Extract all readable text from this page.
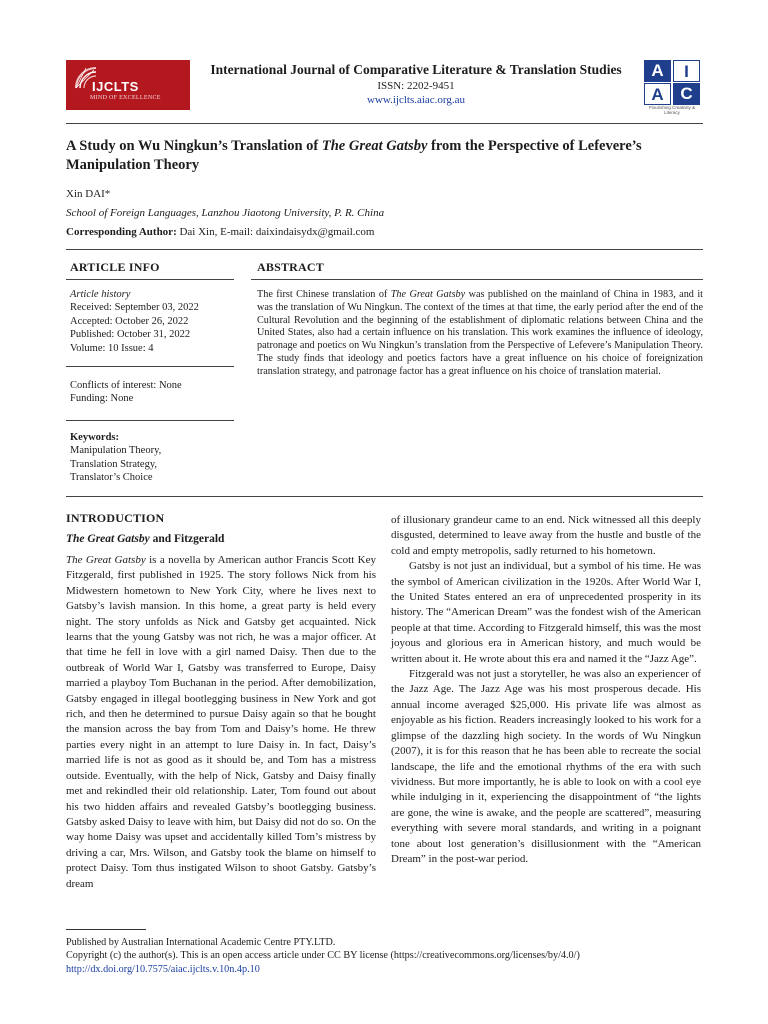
IJCLTS
MIND OF EXCELLENCE
International Journal of Comparative Literature & Translation Studies
ISSN: 2202-9451
www.ijclts.aiac.org.au
A	I
A C
Flourishing Creativity & Literacy
A Study on Wu Ningkun’s Translation of The Great Gatsby from the Perspective of Lefevere’s Manipulation Theory
Xin DAI*
School of Foreign Languages, Lanzhou Jiaotong University, P. R. China
Corresponding Author: Dai Xin, E-mail: daixindaisydx@gmail.com
ARTICLE INFO
Article history
Received: September 03, 2022
Accepted: October 26, 2022
Published: October 31, 2022
Volume: 10 Issue: 4
Conflicts of interest: None
Funding: None
Keywords:
Manipulation Theory,
Translation Strategy,
Translator’s Choice
ABSTRACT
The first Chinese translation of The Great Gatsby was published on the mainland of China in 1983, and it was the translation of Wu Ningkun. The context of the times at that time, the early period after the end of the Cultural Revolution and the beginning of the establishment of diplomatic relations between China and the United States, also had a certain influence on his translation. This work examines the influence of ideology, patronage and poetics on Wu Ningkun’s translation from the Perspective of Lefevere’s Manipulation Theory. The study finds that ideology and poetics factors have a great influence on his choice of foreignization translation strategy, and patronage factor has a great influence on his choice of translation material.
INTRODUCTION
The Great Gatsby and Fitzgerald

The Great Gatsby is a novella by American author Francis Scott Key Fitzgerald, first published in 1925. The story follows Nick from his Midwestern hometown to New York City, where he lives next to Gatsby’s lavish mansion. In this home, a great party is held every night. The story unfolds as Nick and Gatsby get acquainted. Nick learns that the young Gatsby was not rich, he was a major officer. At that time he fell in love with a girl named Daisy. Then due to the outbreak of World War I, Gatsby was transferred to Europe, Daisy married a playboy Tom Buchanan in the period. After demobilization, Gatsby engaged in illegal bootlegging business in New York and got rich, and then he determined to pursue Daisy again so that he bought the mansion across the bay from Tom and Daisy’s home. He threw parties every night in an attempt to lure Daisy in. In fact, Daisy’s married life is not as good as it should be, and Tom has a mistress outside. Eventually, with the help of Nick, Gatsby and Daisy finally met and rekindled their old relationship. Later, Tom found out about his two hidden affairs and revealed Gatsby’s bootlegging business. Gatsby asked Daisy to leave with him, but Daisy did not do so. On the way home Daisy was upset and accidentally killed Tom’s mistress by driving a car, Mrs. Wilson, and Gatsby took the blame on himself to protect Daisy. Tom thus instigated Wilson to shoot Gatsby. Gatsby’s dream

of illusionary grandeur came to an end. Nick witnessed all this deeply disgusted, determined to leave away from the hustle and bustle of the cold and empty metropolis, sadly returned to his hometown.

Gatsby is not just an individual, but a symbol of his time. He was the symbol of American civilization in the 1920s. After World War I, the United States entered an era of unprecedented prosperity in its history. The “American Dream” was the fondest wish of the American people at that time. According to Fitzgerald himself, this was the most joyous and glorious era in American history, and much would be written about it. He wrote about this era and named it the “Jazz Age”.

Fitzgerald was not just a storyteller, he was also an experiencer of the Jazz Age. The Jazz Age was his most prosperous decade. His annual income averaged $25,000. His private life was almost as enjoyable as his fiction. Readers increasingly looked to his work for a glimpse of the dazzling high society. In the words of Wu Ningkun (2007), it is for this reason that he has been able to recreate the social landscape, the life and the emotional rhythms of the era with such vividness. But more importantly, he is able to look on with a cool eye while indulging in it, experiencing the disappointment of “the lights are gone, the wine is awake, and the people are scattered”, measuring everything with severe moral standards, and writing in a poignant tone about lost generation’s disillusionment with the “American Dream” in the post-war period.

Published by Australian International Academic Centre PTY.LTD.
Copyright (c) the author(s). This is an open access article under CC BY license (https://creativecommons.org/licenses/by/4.0/)
http://dx.doi.org/10.7575/aiac.ijclts.v.10n.4p.10
